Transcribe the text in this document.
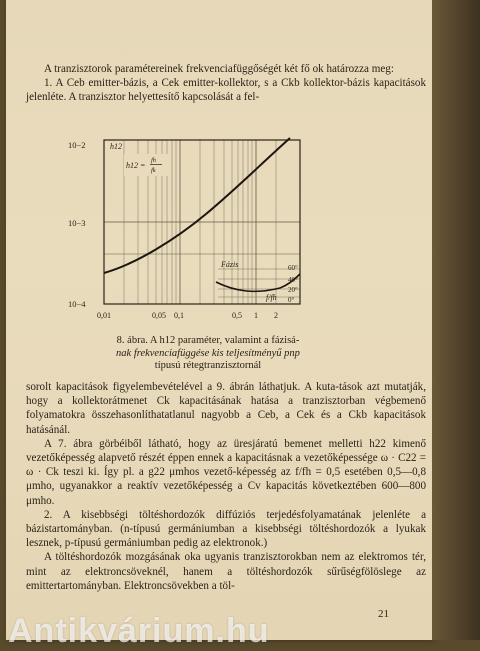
A tranzisztorok paramétereinek frekvenciafüggőségét két fő ok határozza meg:

1. A Ceb emitter-bázis, a Cek emitter-kollektor, s a Ckb kollektor-bázis kapacitások jelenléte. A tranzisztor helyettesítő kapcsolását a fel-

h12
h12 =
fh
fk
10−2
10−3
10−4
0,01	0,05 0,1	0,5 1 2
f/fh
Fázis	60°
40°
20°
0°
8. ábra. A h12 paraméter, valamint a fázisá-
nak frekvenciafüggése kis teljesítményű pnp
típusú rétegtranzisztornál

sorolt kapacitások figyelembevételével a 9. ábrán láthatjuk. A kuta-tások azt mutatják, hogy a kollektorátmenet Ck kapacitásának hatása a tranzisztorban végbemenő folyamatokra összehasonlíthatatlanul nagyobb a Ceb, a Cek és a Ckb kapacitások hatásánál.

A 7. ábra görbéiből látható, hogy az üresjáratú bemenet melletti h22 kimenő vezetőképesség alapvető részét éppen ennek a kapacitásnak a vezetőképessége ω · C22 = ω · Ck teszi ki. Így pl. a g22 μmhos vezető-képesség az f/fh = 0,5 esetében 0,5—0,8 μmho, ugyanakkor a reaktív vezetőképesség a Cv kapacitás következtében 600—800 μmho.

2. A kisebbségi töltéshordozók diffúziós terjedésfolyamatának jelenléte a bázistartományban. (n-típusú germániumban a kisebbségi töltéshordozók a lyukak lesznek, p-típusú germániumban pedig az elektronok.)

A töltéshordozók mozgásának oka ugyanis tranzisztorokban nem az elektromos tér, mint az elektroncsöveknél, hanem a töltéshordozók sűrűségfölöslege az emittertartományban. Elektroncsövekben a töl-

21
Antikvárium.hu
